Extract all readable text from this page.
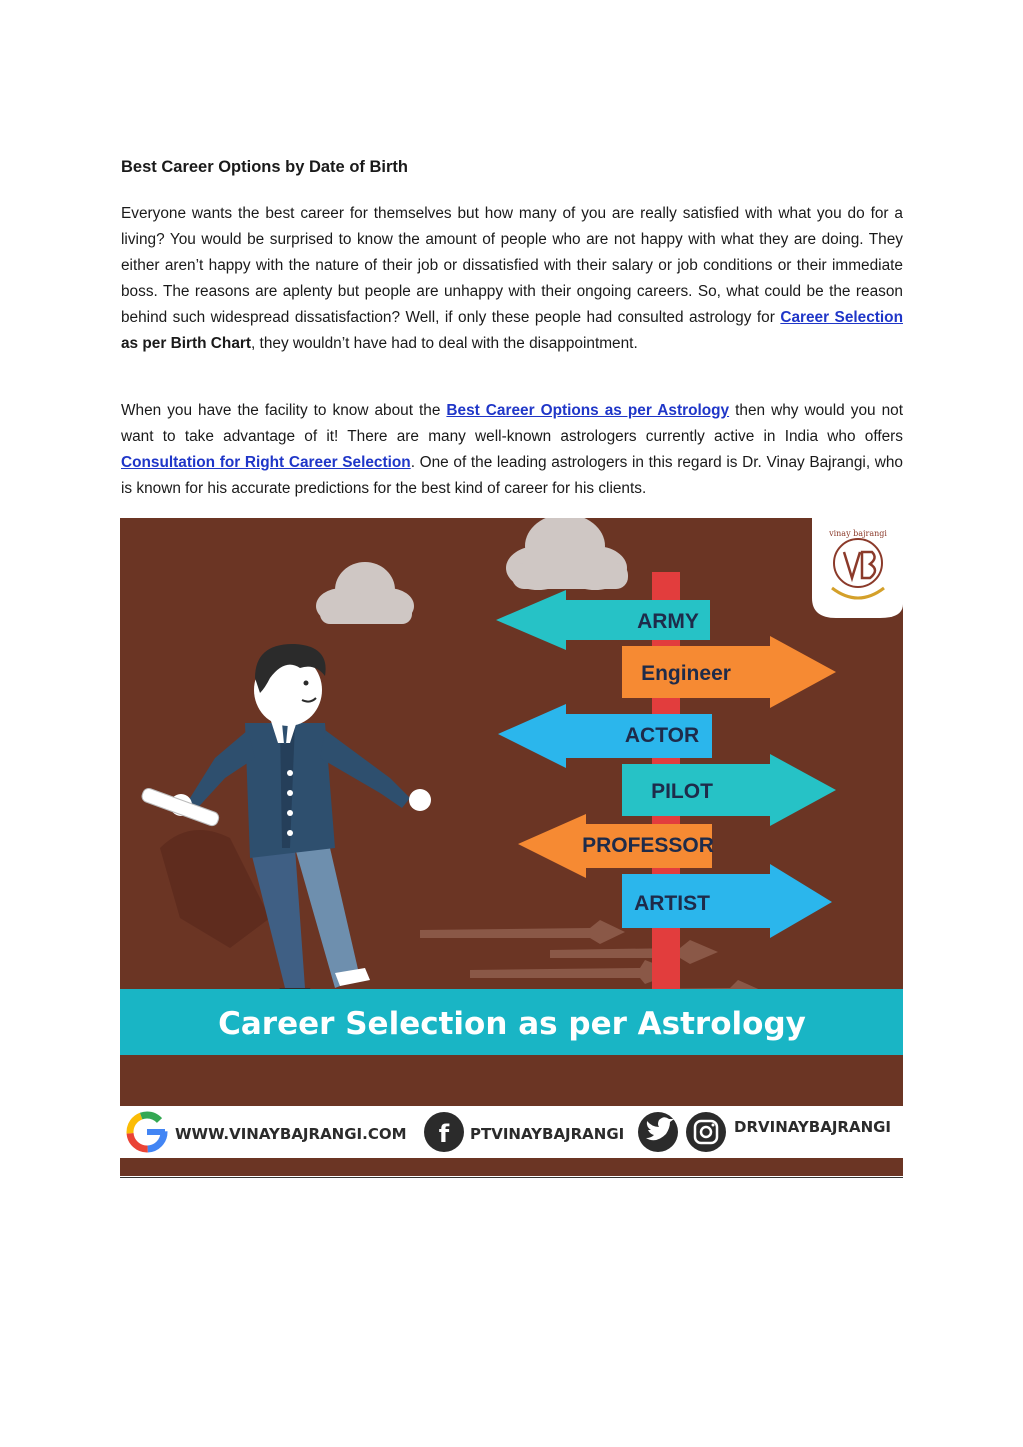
Best Career Options by Date of Birth

Everyone wants the best career for themselves but how many of you are really satisfied with what you do for a living? You would be surprised to know the amount of people who are not happy with what they are doing. They either aren’t happy with the nature of their job or dissatisfied with their salary or job conditions or their immediate boss. The reasons are aplenty but people are unhappy with their ongoing careers. So, what could be the reason behind such widespread dissatisfaction? Well, if only these people had consulted astrology for Career Selection as per Birth Chart, they wouldn’t have had to deal with the disappointment.

When you have the facility to know about the Best Career Options as per Astrology then why would you not want to take advantage of it! There are many well-known astrologers currently active in India who offers Consultation for Right Career Selection. One of the leading astrologers in this regard is Dr. Vinay Bajrangi, who is known for his accurate predictions for the best kind of career for his clients.

vinay bajrangi
ARMY
Engineer
ACTOR
PILOT
PROFESSOR
ARTIST
Career Selection as per Astrology
WWW.VINAYBAJRANGI.COM f PTVINAYBAJRANGI	DRVINAYBAJRANGI
